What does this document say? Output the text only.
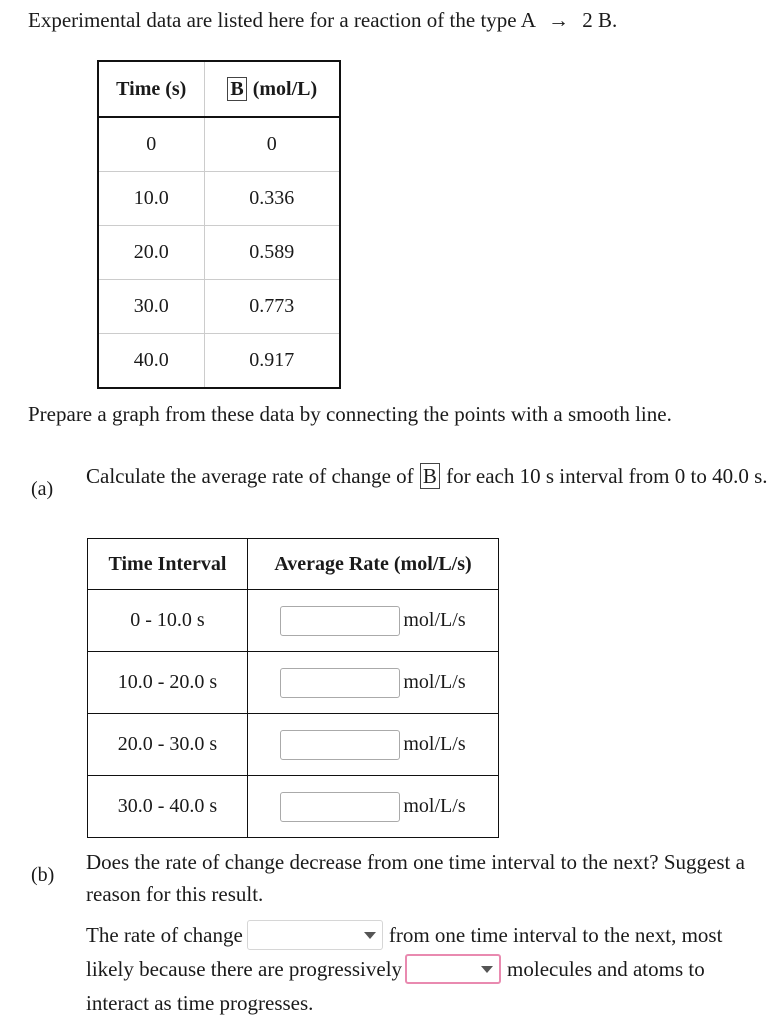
Experimental data are listed here for a reaction of the type A → 2 B.
Time (s)	B (mol/L)
0	0
10.0	0.336
20.0	0.589
30.0	0.773
40.0	0.917
Prepare a graph from these data by connecting the points with a smooth line.
(a)
Calculate the average rate of change of B for each 10 s interval from 0 to 40.0 s.
Time Interval	Average Rate (mol/L/s)
0 - 10.0 s	mol/L/s

10.0 - 20.0 s	mol/L/s

20.0 - 30.0 s	mol/L/s

30.0 - 40.0 s	mol/L/s
(b)
Does the rate of change decrease from one time interval to the next? Suggest a reason for this result.
The rate of change	from one time interval to the next, most
likely because there are progressively	molecules and atoms to
interact as time progresses.
